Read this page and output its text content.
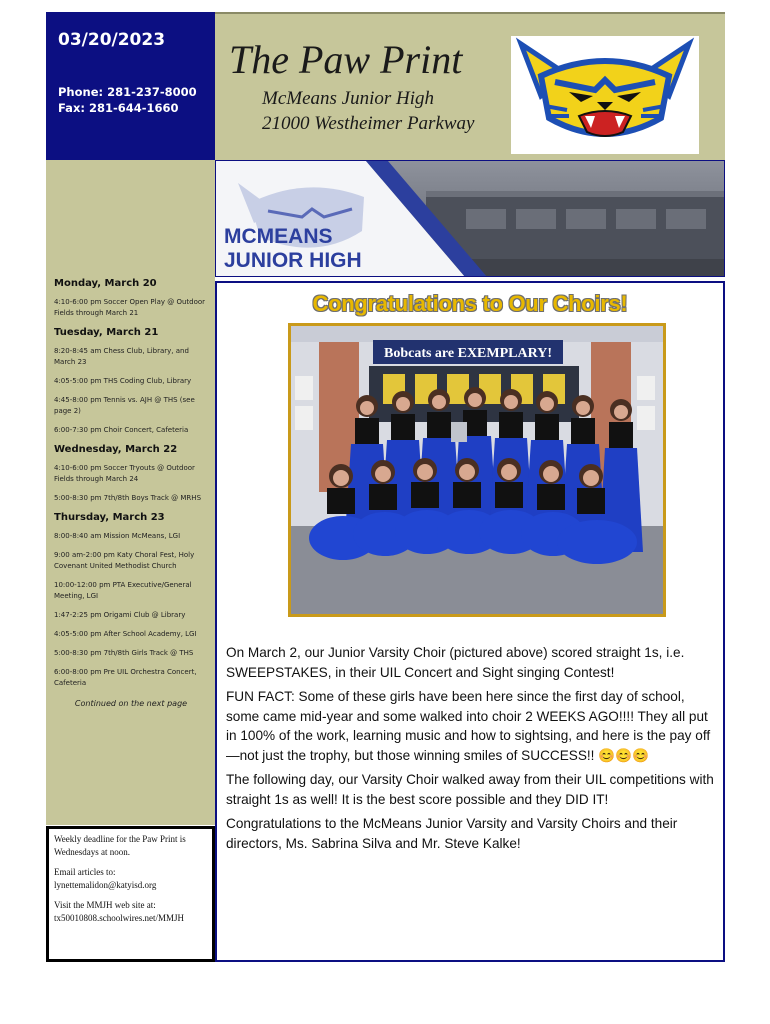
03/20/2023
Phone: 281-237-8000
Fax: 281-644-1660
The Paw Print
McMeans Junior High
21000 Westheimer Parkway
MCMEANS
JUNIOR HIGH
Monday, March 20
4:10-6:00 pm Soccer Open Play @ Outdoor Fields through March 21
Tuesday, March 21
8:20-8:45 am Chess Club, Library, and March 23
4:05-5:00 pm THS Coding Club, Library
4:45-8:00 pm Tennis vs. AJH @ THS (see page 2)
6:00-7:30 pm Choir Concert, Cafeteria
Wednesday, March 22
4:10-6:00 pm Soccer Tryouts @ Outdoor Fields through March 24
5:00-8:30 pm 7th/8th Boys Track @ MRHS
Thursday, March 23
8:00-8:40 am Mission McMeans, LGI
9:00 am-2:00 pm Katy Choral Fest, Holy Covenant United Methodist Church
10:00-12:00 pm PTA Executive/General Meeting, LGI
1:47-2:25 pm Origami Club @ Library
4:05-5:00 pm After School Academy, LGI
5:00-8:30 pm 7th/8th Girls Track @ THS
6:00-8:00 pm Pre UIL Orchestra Concert, Cafeteria
Continued on the next page

Weekly deadline for the Paw Print is Wednesdays at noon.

Email articles to: lynettemalidon@katyisd.org

Visit the MMJH web site at: tx50010808.schoolwires.net/MMJH

Congratulations to Our Choirs!
Bobcats are EXEMPLARY!

On March 2, our Junior Varsity Choir (pictured above) scored straight 1s, i.e. SWEEPSTAKES, in their UIL Concert and Sight singing Contest!

FUN FACT: Some of these girls have been here since the first day of school, some came mid-year and some walked into choir 2 WEEKS AGO!!!! They all put in 100% of the work, learning music and how to sightsing, and here is the pay off—not just the trophy, but those winning smiles of SUCCESS!! 😊😊😊

The following day, our Varsity Choir walked away from their UIL competitions with straight 1s as well! It is the best score possible and they DID IT!

Congratulations to the McMeans Junior Varsity and Varsity Choirs and their directors, Ms. Sabrina Silva and Mr. Steve Kalke!
